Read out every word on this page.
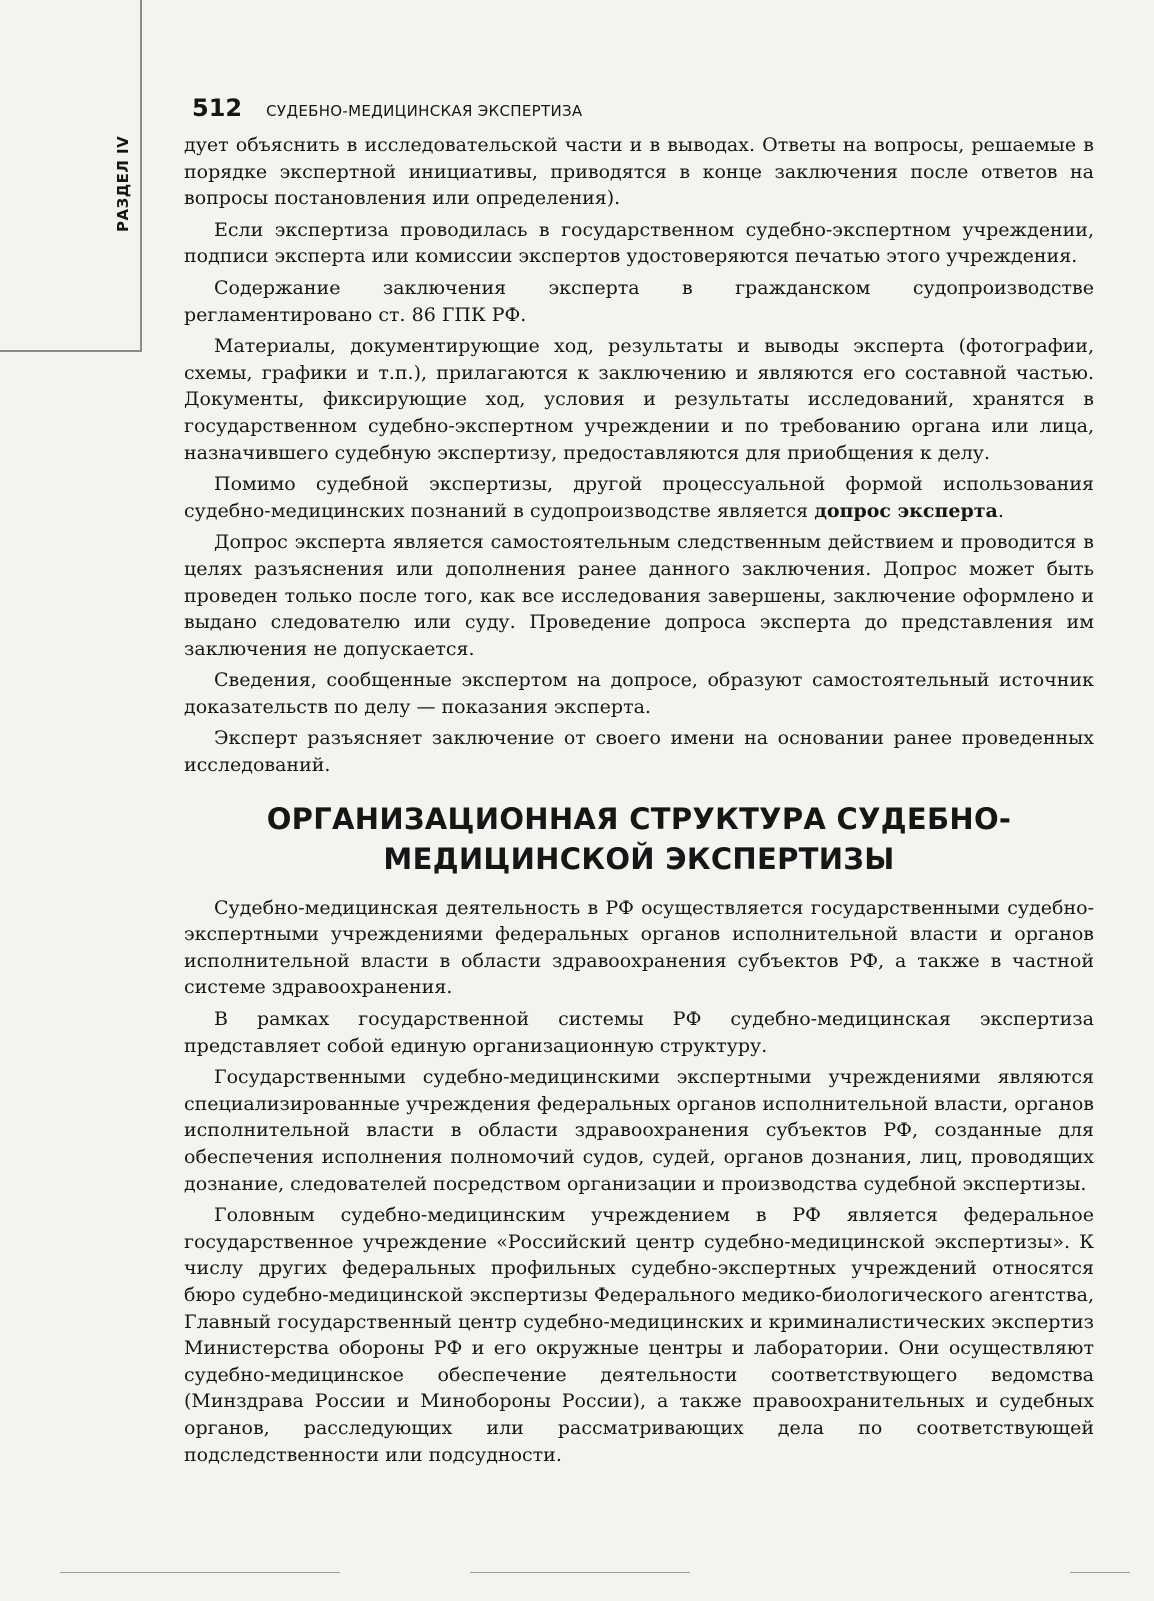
РАЗДЕЛ IV
512 СУДЕБНО-МЕДИЦИНСКАЯ ЭКСПЕРТИЗА

дует объяснить в исследовательской части и в выводах. Ответы на вопросы, решаемые в порядке экспертной инициативы, приводятся в конце заключения после ответов на вопросы постановления или определения).

Если экспертиза проводилась в государственном судебно-экспертном учреждении, подписи эксперта или комиссии экспертов удостоверяются печатью этого учреждения.

Содержание заключения эксперта в гражданском судопроизводстве регламентировано ст. 86 ГПК РФ.

Материалы, документирующие ход, результаты и выводы эксперта (фотографии, схемы, графики и т.п.), прилагаются к заключению и являются его составной частью. Документы, фиксирующие ход, условия и результаты исследований, хранятся в государственном судебно-экспертном учреждении и по требованию органа или лица, назначившего судебную экспертизу, предоставляются для приобщения к делу.

Помимо судебной экспертизы, другой процессуальной формой использования судебно-медицинских познаний в судопроизводстве является допрос эксперта.

Допрос эксперта является самостоятельным следственным действием и проводится в целях разъяснения или дополнения ранее данного заключения. Допрос может быть проведен только после того, как все исследования завершены, заключение оформлено и выдано следователю или суду. Проведение допроса эксперта до представления им заключения не допускается.

Сведения, сообщенные экспертом на допросе, образуют самостоятельный источник доказательств по делу — показания эксперта.

Эксперт разъясняет заключение от своего имени на основании ранее проведенных исследований.

ОРГАНИЗАЦИОННАЯ СТРУКТУРА СУДЕБНО-МЕДИЦИНСКОЙ ЭКСПЕРТИЗЫ

Судебно-медицинская деятельность в РФ осуществляется государственными судебно-экспертными учреждениями федеральных органов исполнительной власти и органов исполнительной власти в области здравоохранения субъектов РФ, а также в частной системе здравоохранения.

В рамках государственной системы РФ судебно-медицинская экспертиза представляет собой единую организационную структуру.

Государственными судебно-медицинскими экспертными учреждениями являются специализированные учреждения федеральных органов исполнительной власти, органов исполнительной власти в области здравоохранения субъектов РФ, созданные для обеспечения исполнения полномочий судов, судей, органов дознания, лиц, проводящих дознание, следователей посредством организации и производства судебной экспертизы.

Головным судебно-медицинским учреждением в РФ является федеральное государственное учреждение «Российский центр судебно-медицинской экспертизы». К числу других федеральных профильных судебно-экспертных учреждений относятся бюро судебно-медицинской экспертизы Федерального медико-биологического агентства, Главный государственный центр судебно-медицинских и криминалистических экспертиз Министерства обороны РФ и его окружные центры и лаборатории. Они осуществляют судебно-медицинское обеспечение деятельности соответствующего ведомства (Минздрава России и Минобороны России), а также правоохранительных и судебных органов, расследующих или рассматривающих дела по соответствующей подследственности или подсудности.
